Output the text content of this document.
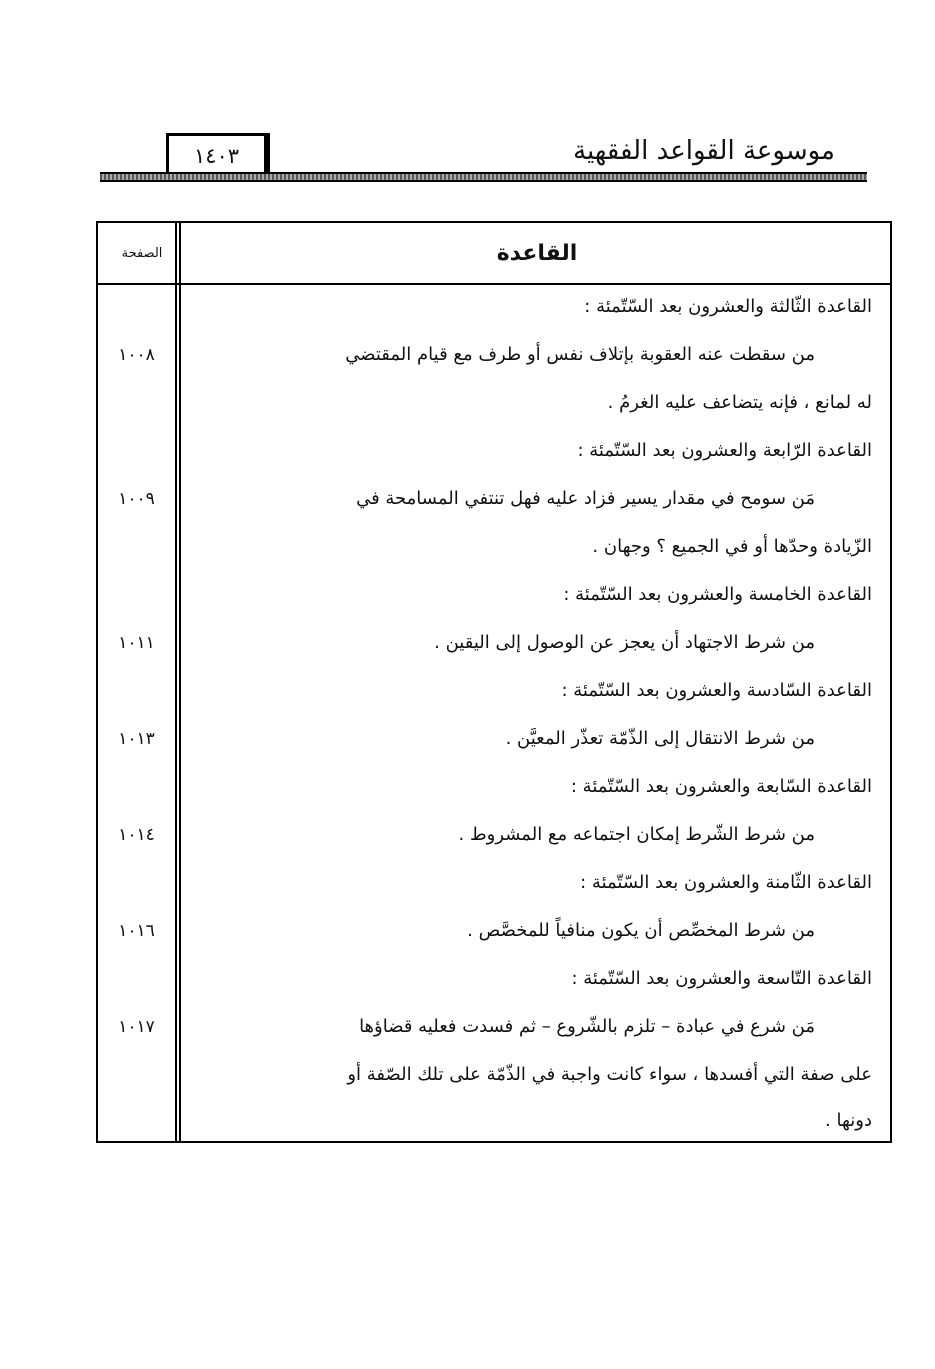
موسوعة القواعد الفقهية
١٤٠٣
القاعدة
الصفحة
القاعدة الثّالثة والعشرون بعد السّتّمئة :
من سقطت عنه العقوبة بإتلاف نفس أو طرف مع قيام المقتضي
له لمانع ، فإنه يتضاعف عليه الغرمُ .
القاعدة الرّابعة والعشرون بعد السّتّمئة :
مَن سومح في مقدار يسير فزاد عليه فهل تنتفي المسامحة في
الزّيادة وحدّها أو في الجميع ؟ وجهان .
القاعدة الخامسة والعشرون بعد السّتّمئة :
من شرط الاجتهاد أن يعجز عن الوصول إلى اليقين .
القاعدة السّادسة والعشرون بعد السّتّمئة :
من شرط الانتقال إلى الذّمّة تعذّر المعيَّن .
القاعدة السّابعة والعشرون بعد السّتّمئة :
من شرط الشّرط إمكان اجتماعه مع المشروط .
القاعدة الثّامنة والعشرون بعد السّتّمئة :
من شرط المخصِّص أن يكون منافياً للمخصَّص .
القاعدة التّاسعة والعشرون بعد السّتّمئة :
مَن شرع في عبادة – تلزم بالشّروع – ثم فسدت فعليه قضاؤها
على صفة التي أفسدها ، سواء كانت واجبة في الذّمّة على تلك الصّفة أو
دونها .
١٠٠٨
١٠٠٩
١٠١١
١٠١٣
١٠١٤
١٠١٦
١٠١٧
